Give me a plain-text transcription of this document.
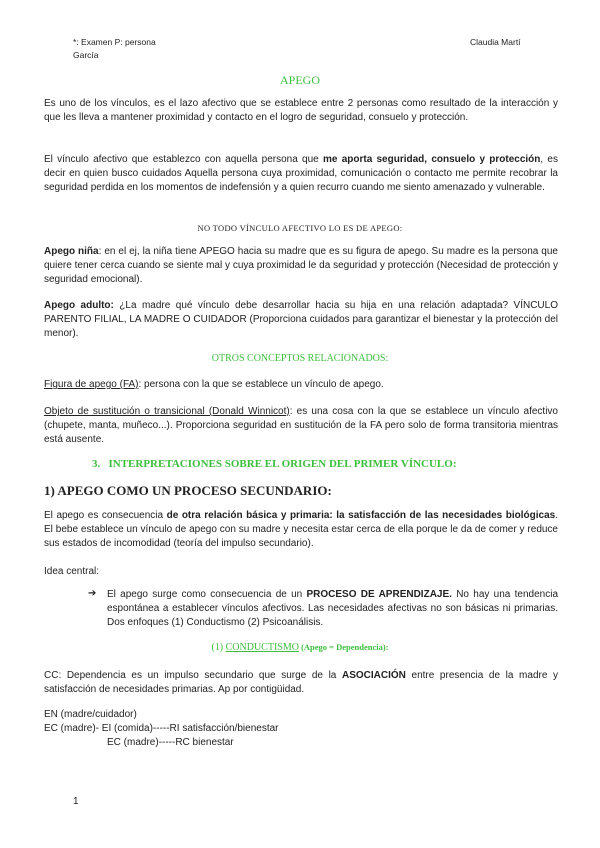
*: Examen P: persona
García
Claudia Martí
APEGO

Es uno de los vínculos, es el lazo afectivo que se establece entre 2 personas como resultado de la interacción y que les lleva a mantener proximidad y contacto en el logro de seguridad, consuelo y protección.

El vínculo afectivo que establezco con aquella persona que me aporta seguridad, consuelo y protección, es decir en quien busco cuidados Aquella persona cuya proximidad, comunicación o contacto me permite recobrar la seguridad perdida en los momentos de indefensión y a quien recurro cuando me siento amenazado y vulnerable.

NO TODO VÍNCULO AFECTIVO LO ES DE APEGO:

Apego niña: en el ej, la niña tiene APEGO hacia su madre que es su figura de apego. Su madre es la persona que quiere tener cerca cuando se siente mal y cuya proximidad le da seguridad y protección (Necesidad de protección y seguridad emocional).

Apego adulto: ¿La madre qué vínculo debe desarrollar hacia su hija en una relación adaptada? VÍNCULO PARENTO FILIAL, LA MADRE O CUIDADOR (Proporciona cuidados para garantizar el bienestar y la protección del menor).

OTROS CONCEPTOS RELACIONADOS:

Figura de apego (FA): persona con la que se establece un vínculo de apego.

Objeto de sustitución o transicional (Donald Winnicot): es una cosa con la que se establece un vínculo afectivo (chupete, manta, muñeco...). Proporciona seguridad en sustitución de la FA pero solo de forma transitoria mientras está ausente.

3.   INTERPRETACIONES SOBRE EL ORIGEN DEL PRIMER VÍNCULO:
1) APEGO COMO UN PROCESO SECUNDARIO:

El apego es consecuencia de otra relación básica y primaria: la satisfacción de las necesidades biológicas. El bebe establece un vínculo de apego con su madre y necesita estar cerca de ella porque le da de comer y reduce sus estados de incomodidad (teoría del impulso secundario).

Idea central:
➔ El apego surge como consecuencia de un PROCESO DE APRENDIZAJE. No hay una tendencia espontánea a establecer vínculos afectivos. Las necesidades afectivas no son básicas ni primarias. Dos enfoques (1) Conductismo (2) Psicoanálisis.

(1) CONDUCTISMO (Apego = Dependencia):

CC: Dependencia es un impulso secundario que surge de la ASOCIACIÓN entre presencia de la madre y satisfacción de necesidades primarias. Ap por contigüidad.

EN (madre/cuidador)
EC (madre)- EI (comida)-----RI satisfacción/bienestar
EC (madre)-----RC bienestar
1
